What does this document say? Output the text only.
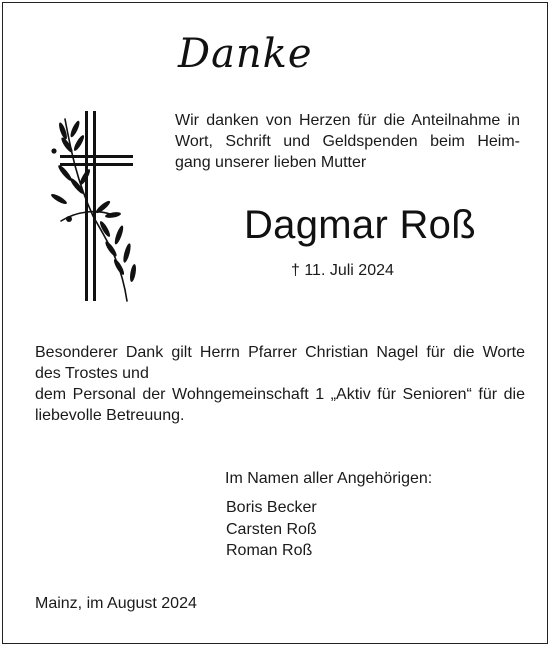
Danke
Wir danken von Herzen für die Anteilnahme in
Wort, Schrift und Geldspenden beim Heim-
gang unserer lieben Mutter
Dagmar Roß
† 11. Juli 2024
Besonderer Dank gilt Herrn Pfarrer Christian Nagel für die Worte
des Trostes und
dem Personal der Wohngemeinschaft 1 „Aktiv für Senioren“ für die
liebevolle Betreuung.
Im Namen aller Angehörigen:
Boris Becker
Carsten Roß
Roman Roß
Mainz, im August 2024
